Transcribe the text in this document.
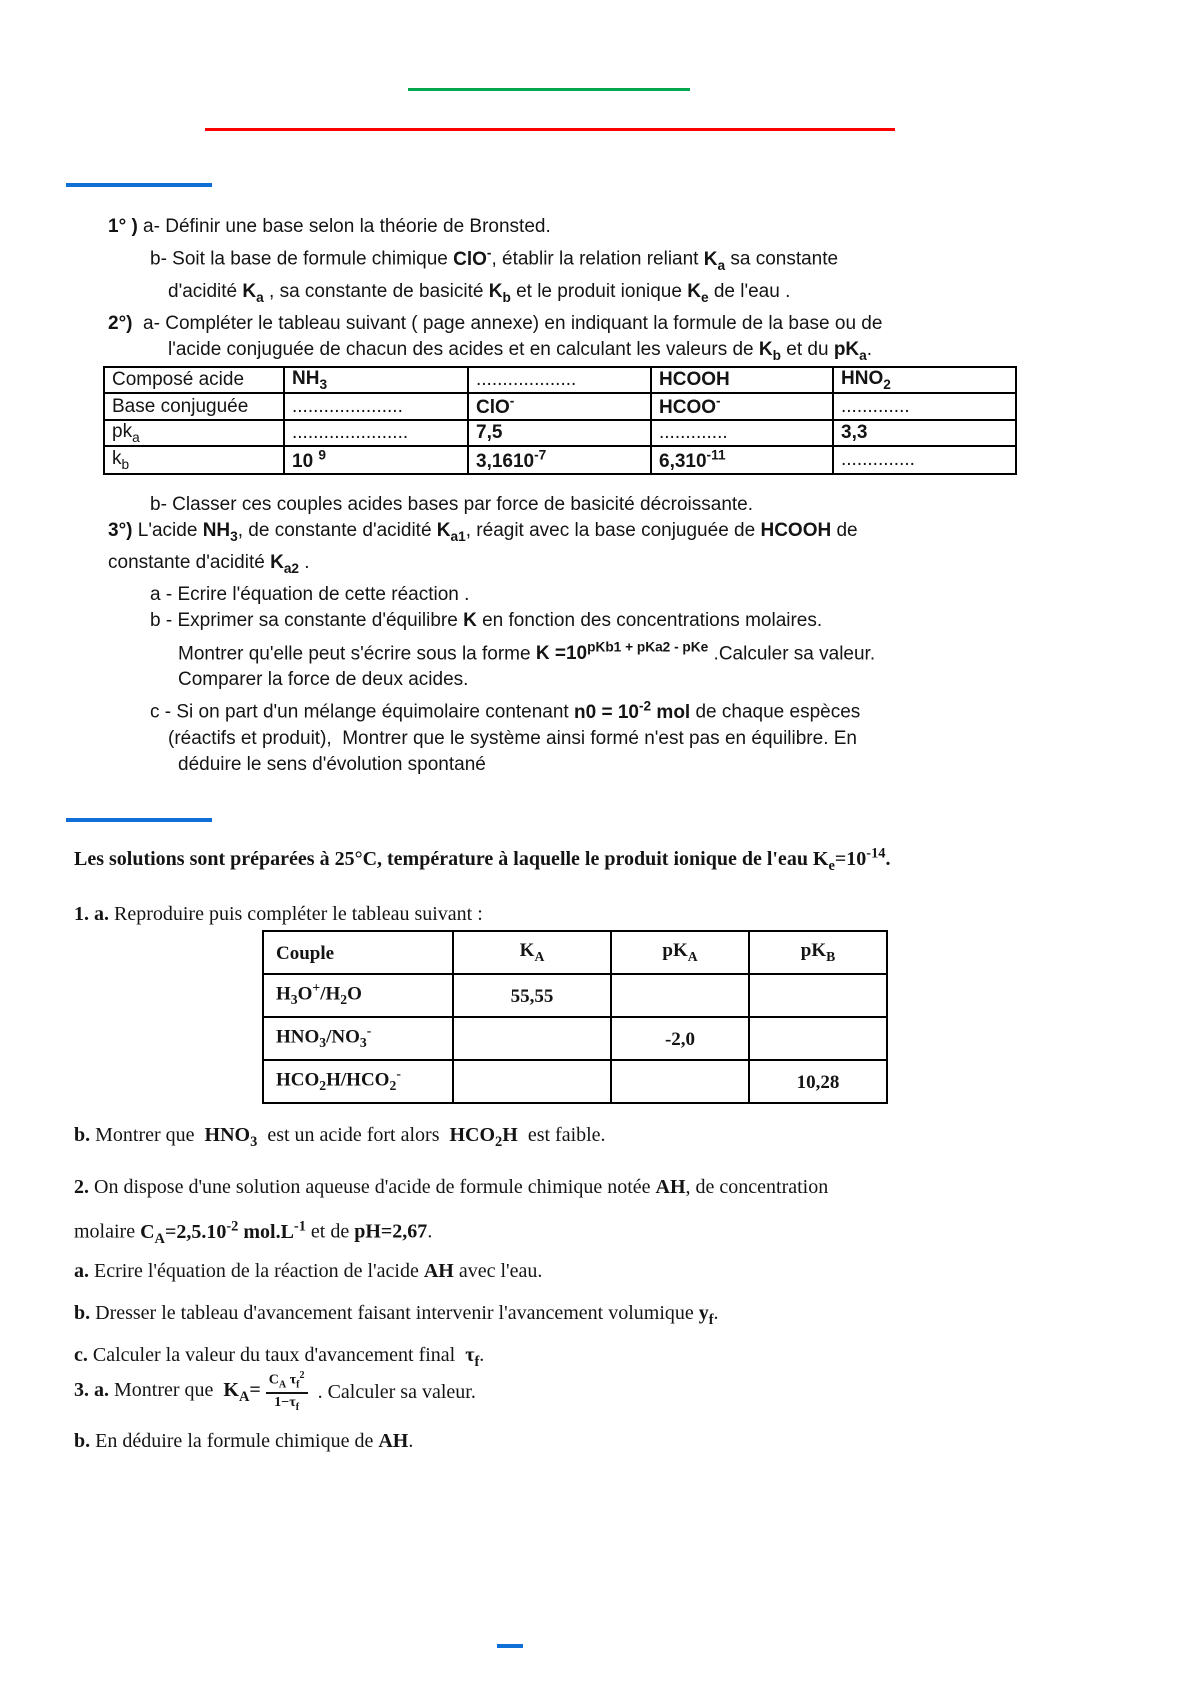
1° ) a- Définir une base selon la théorie de Bronsted.

b- Soit la base de formule chimique ClO-, établir la relation reliant $K_a$ sa constante

d'acidité $K_a$ , sa constante de basicité $K_b$ et le produit ionique $K_e$ de l'eau .

2°)  a- Compléter le tableau suivant ( page annexe) en indiquant la formule de la base ou de

l'acide conjuguée de chacun des acides et en calculant les valeurs de $K_b$ et du $pK_a$.

Composé acide	$NH_3$	...................	HCOOH	$HNO_2$
Base conjuguée	.....................	ClO-	HCOO-	.............
$pk_a$	......................	7,5	.............	3,3
$k_b$	10 $^9$	$3,1610^{-7}$	$6,310^{-11}$	..............

b- Classer ces couples acides bases par force de basicité décroissante.

3°) L'acide $NH_3$, de constante d'acidité $K_{a1}$, réagit avec la base conjuguée de HCOOH de

constante d'acidité $K_{a2}$ .

a - Ecrire l'équation de cette réaction .

b - Exprimer sa constante d'équilibre K en fonction des concentrations molaires.

Montrer qu'elle peut s'écrire sous la forme $K =10^{pKb1 + pKa2 - pKe}$ .Calculer sa valeur.

Comparer la force de deux acides.

c - Si on part d'un mélange équimolaire contenant $n0 = 10^{-2}$ mol de chaque espèces

(réactifs et produit),  Montrer que le système ainsi formé n'est pas en équilibre. En

déduire le sens d'évolution spontané

Les solutions sont préparées à 25°C, température à laquelle le produit ionique de l'eau $K_e=10^{-14}$.

1. a. Reproduire puis compléter le tableau suivant :

Couple	$K_A$	$pK_A$	$pK_B$
$H_3O^+/H_2O$	55,55		
$HNO_3/NO_3^-$		-2,0	
$HCO_2H/HCO_2^-$			10,28

b. Montrer que  $HNO_3$  est un acide fort alors  $HCO_2H$  est faible.

2. On dispose d'une solution aqueuse d'acide de formule chimique notée AH, de concentration

molaire $C_A=2,5.10^{-2}$ $mol.L^{-1}$ et de pH=2,67.

a. Ecrire l'équation de la réaction de l'acide AH avec l'eau.

b. Dresser le tableau d'avancement faisant intervenir l'avancement volumique $y_f$.

c. Calculer la valeur du taux d'avancement final  $\tau_f$.

3. a. Montrer que  $K_A= \frac{C_A \tau_f^2}{1-\tau_f}$ . Calculer sa valeur.

b. En déduire la formule chimique de AH.
